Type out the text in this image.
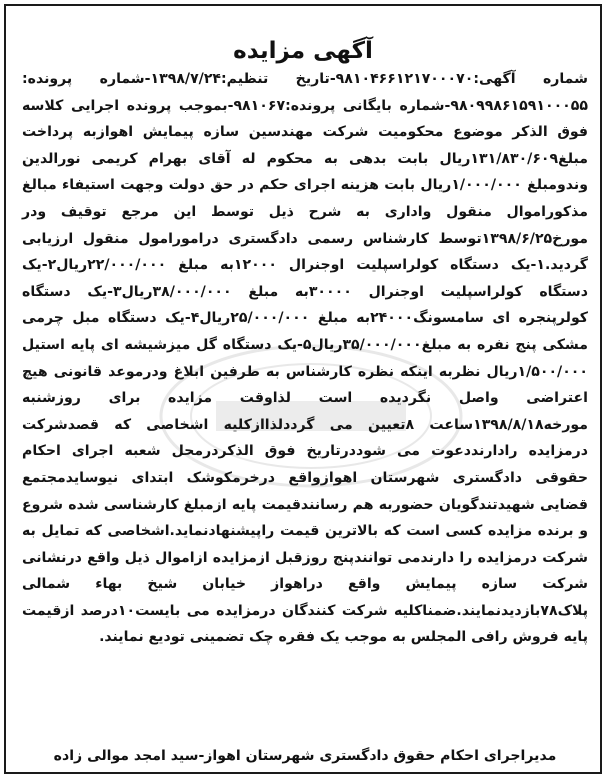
آگهی مزایده

شماره آگهی:۹۸۱۰۴۶۶۱۲۱۷۰۰۰۷۰-تاریخ تنظیم:۱۳۹۸/۷/۲۴-شماره پرونده: ۹۸۰۹۹۸۶۱۵۹۱۰۰۰۵۵-شماره بایگانی پرونده:۹۸۱۰۶۷-بموجب پرونده اجرایی کلاسه فوق الذکر موضوع محکومیت شرکت مهندسین سازه پیمایش اهوازبه پرداخت مبلغ۱۳۱/۸۳۰/۶۰۹ریال بابت بدهی به محکوم له آقای بهرام کریمی نورالدین وندومبلغ ۱/۰۰۰/۰۰۰ریال بابت هزینه اجرای حکم در حق دولت وجهت استیفاء مبالغ مذکوراموال منقول واداری به شرح ذیل توسط این مرجع توقیف ودر مورخ۱۳۹۸/۶/۲۵توسط کارشناس رسمی دادگستری درامورامول منقول ارزیابی گردید.۱-یک دستگاه کولراسپلیت اوجنرال ۱۲۰۰۰به مبلغ ۲۲/۰۰۰/۰۰۰ریال۲-یک دستگاه کولراسپلیت اوجنرال ۳۰۰۰۰به مبلغ ۳۸/۰۰۰/۰۰۰ریال۳-یک دستگاه کولرپنجره ای سامسونگ۲۴۰۰۰به مبلغ ۲۵/۰۰۰/۰۰۰ریال۴-یک دستگاه مبل چرمی مشکی پنج نفره به مبلغ۳۵/۰۰۰/۰۰۰ریال۵-یک دستگاه گل میزشیشه ای پایه استیل ۱/۵۰۰/۰۰۰ریال نظربه اینکه نظره کارشناس به طرفین ابلاغ ودرموعد قانونی هیچ اعتراضی واصل نگردیده است لذاوقت مزایده برای روزشنبه مورخه۱۳۹۸/۸/۱۸ساعت ۸تعیین می گرددلذاازکلیه اشخاصی که قصدشرکت درمزایده رادارنددعوت می شوددرتاریخ فوق الذکردرمحل شعبه اجرای احکام حقوقی دادگستری شهرستان اهوازواقع درخرمکوشک ابتدای نیوسایدمجتمع قضایی شهیدتندگویان حضوربه هم رسانندقیمت پایه ازمبلغ کارشناسی شده شروع و برنده مزایده کسی است که بالاترین قیمت راپیشنهادنماید.اشخاصی که تمایل به شرکت درمزایده را دارندمی توانندپنج روزقبل ازمزایده ازاموال ذیل واقع درنشانی شرکت سازه پیمایش واقع دراهواز خیابان شیخ بهاء شمالی پلاک۷۸بازدیدنمایند.ضمناکلیه شرکت کنندگان درمزایده می بایست۱۰درصد ازقیمت پایه فروش رافی المجلس به موجب یک فقره چک تضمینی تودیع نمایند.

مدیراجرای احکام حقوق دادگستری شهرستان اهواز-سید امجد موالی زاده
